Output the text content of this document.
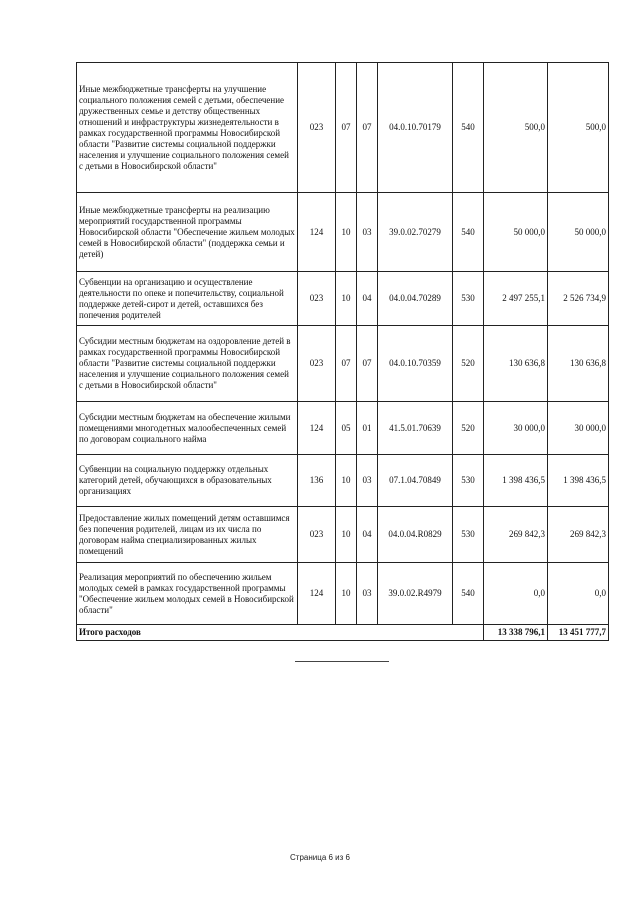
Иные межбюджетные трансферты на улучшение социального положения семей с детьми, обеспечение дружественных семье и детству общественных отношений и инфраструктуры жизнедеятельности в рамках государственной программы Новосибирской области "Развитие системы социальной поддержки населения и улучшение социального положения семей с детьми в Новосибирской области"	023	07	07	04.0.10.70179	540	500,0	500,0
Иные межбюджетные трансферты на реализацию мероприятий государственной программы Новосибирской области "Обеспечение жильем молодых семей в Новосибирской области" (поддержка семьи и детей)	124	10	03	39.0.02.70279	540	50 000,0	50 000,0
Субвенции на организацию и осуществление деятельности по опеке и попечительству, социальной поддержке детей-сирот и детей, оставшихся без попечения родителей	023	10	04	04.0.04.70289	530	2 497 255,1	2 526 734,9
Субсидии местным бюджетам на оздоровление детей в рамках государственной программы Новосибирской области "Развитие системы социальной поддержки населения и улучшение социального положения семей с детьми в Новосибирской области"	023	07	07	04.0.10.70359	520	130 636,8	130 636,8
Субсидии местным бюджетам на обеспечение жилыми помещениями многодетных малообеспеченных семей по договорам социального найма	124	05	01	41.5.01.70639	520	30 000,0	30 000,0
Субвенции на социальную поддержку отдельных категорий детей, обучающихся в образовательных организациях	136	10	03	07.1.04.70849	530	1 398 436,5	1 398 436,5
Предоставление жилых помещений детям оставшимся без попечения родителей, лицам из их числа по договорам найма специализированных жилых помещений	023	10	04	04.0.04.R0829	530	269 842,3	269 842,3
Реализация мероприятий по обеспечению жильем молодых семей в рамках государственной программы "Обеспечение жильем молодых семей в Новосибирской области"	124	10	03	39.0.02.R4979	540	0,0	0,0
Итого расходов						13 338 796,1	13 451 777,7
Страница 6 из 6
